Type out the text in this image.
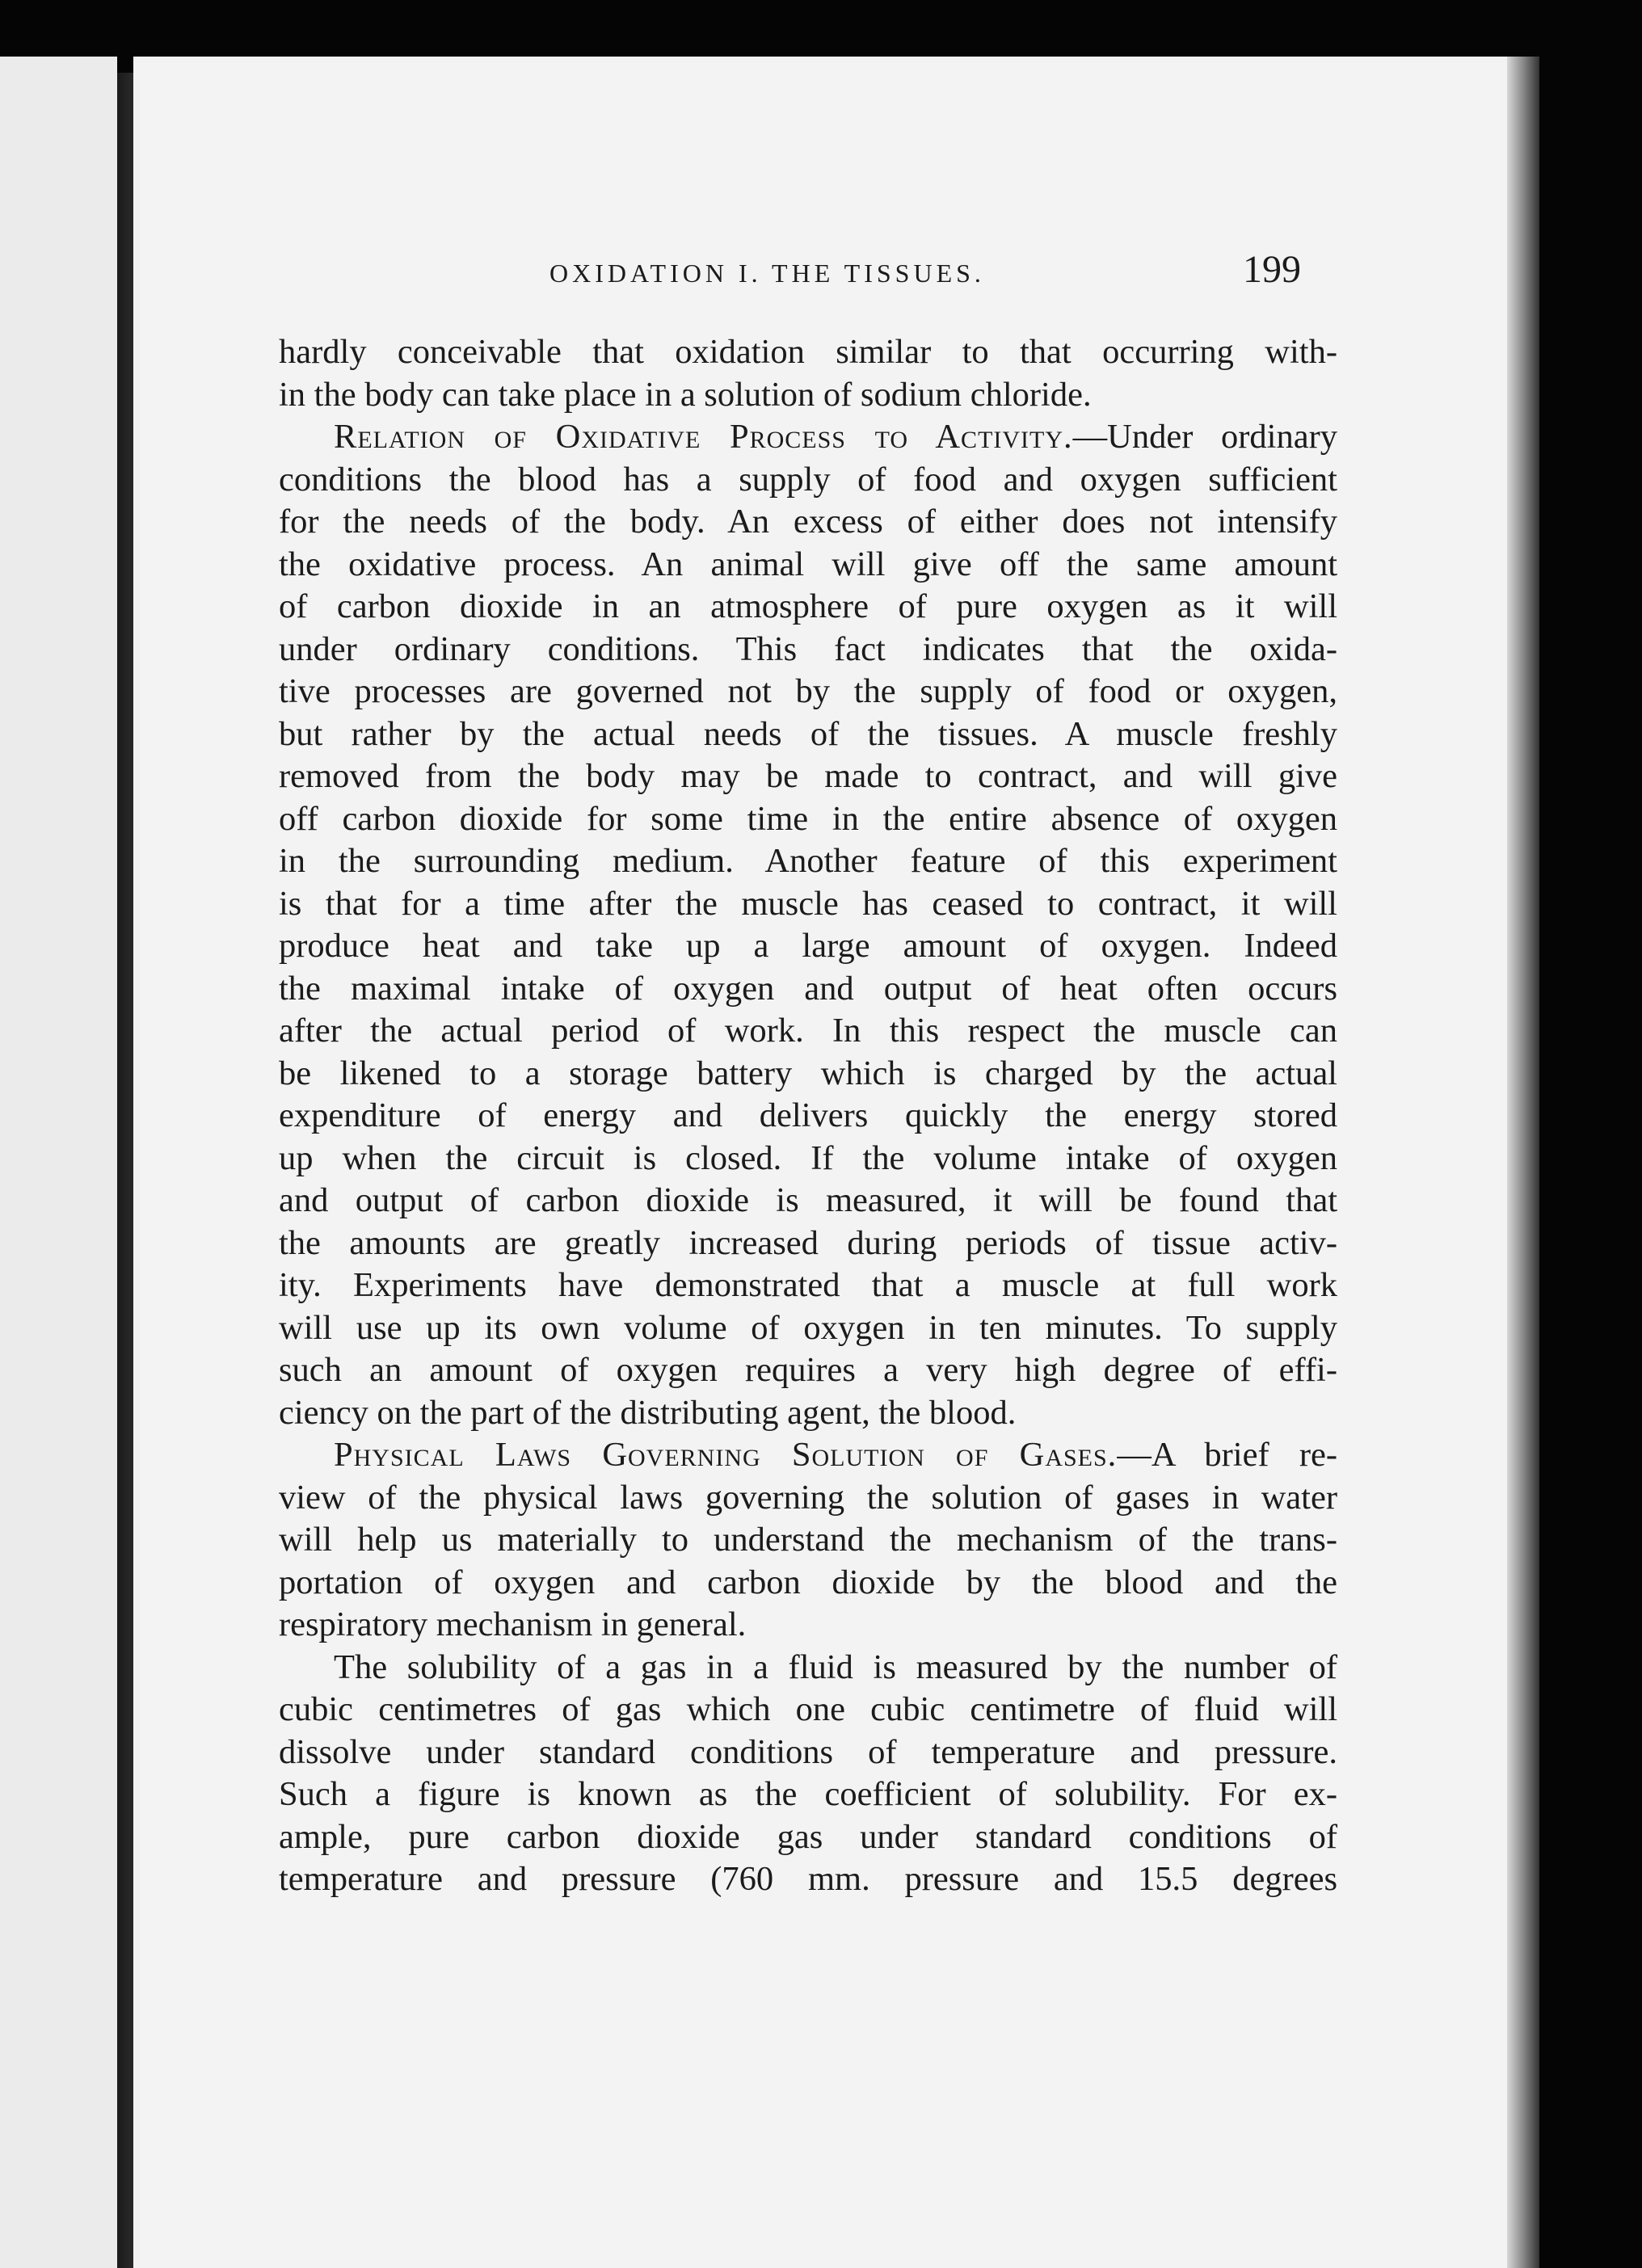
OXIDATION I. THE TISSUES.	199
hardly conceivable that oxidation similar to that occurring with-
in the body can take place in a solution of sodium chloride.
Relation of Oxidative Process to Activity.—Under ordinary
conditions the blood has a supply of food and oxygen sufficient
for the needs of the body. An excess of either does not intensify
the oxidative process. An animal will give off the same amount
of carbon dioxide in an atmosphere of pure oxygen as it will
under ordinary conditions. This fact indicates that the oxida-
tive processes are governed not by the supply of food or oxygen,
but rather by the actual needs of the tissues. A muscle freshly
removed from the body may be made to contract, and will give
off carbon dioxide for some time in the entire absence of oxygen
in the surrounding medium. Another feature of this experiment
is that for a time after the muscle has ceased to contract, it will
produce heat and take up a large amount of oxygen. Indeed
the maximal intake of oxygen and output of heat often occurs
after the actual period of work. In this respect the muscle can
be likened to a storage battery which is charged by the actual
expenditure of energy and delivers quickly the energy stored
up when the circuit is closed. If the volume intake of oxygen
and output of carbon dioxide is measured, it will be found that
the amounts are greatly increased during periods of tissue activ-
ity. Experiments have demonstrated that a muscle at full work
will use up its own volume of oxygen in ten minutes. To supply
such an amount of oxygen requires a very high degree of effi-
ciency on the part of the distributing agent, the blood.
Physical Laws Governing Solution of Gases.—A brief re-
view of the physical laws governing the solution of gases in water
will help us materially to understand the mechanism of the trans-
portation of oxygen and carbon dioxide by the blood and the
respiratory mechanism in general.
The solubility of a gas in a fluid is measured by the number of
cubic centimetres of gas which one cubic centimetre of fluid will
dissolve under standard conditions of temperature and pressure.
Such a figure is known as the coefficient of solubility. For ex-
ample, pure carbon dioxide gas under standard conditions of
temperature and pressure (760 mm. pressure and 15.5 degrees
